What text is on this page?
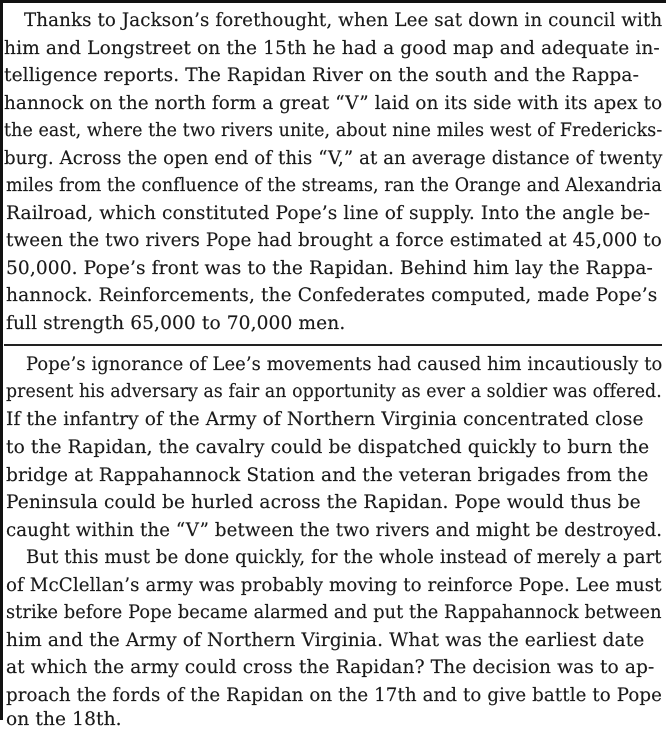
Thanks to Jackson’s forethought, when Lee sat down in council with
him and Longstreet on the 15th he had a good map and adequate in-
telligence reports. The Rapidan River on the south and the Rappa-
hannock on the north form a great “V” laid on its side with its apex to
the east, where the two rivers unite, about nine miles west of Fredericks-
burg. Across the open end of this “V,” at an average distance of twenty
miles from the confluence of the streams, ran the Orange and Alexandria
Railroad, which constituted Pope’s line of supply. Into the angle be-
tween the two rivers Pope had brought a force estimated at 45,000 to
50,000. Pope’s front was to the Rapidan. Behind him lay the Rappa-
hannock. Reinforcements, the Confederates computed, made Pope’s
full strength 65,000 to 70,000 men.
Pope’s ignorance of Lee’s movements had caused him incautiously to
present his adversary as fair an opportunity as ever a soldier was offered.
If the infantry of the Army of Northern Virginia concentrated close
to the Rapidan, the cavalry could be dispatched quickly to burn the
bridge at Rappahannock Station and the veteran brigades from the
Peninsula could be hurled across the Rapidan. Pope would thus be
caught within the “V” between the two rivers and might be destroyed.
But this must be done quickly, for the whole instead of merely a part
of McClellan’s army was probably moving to reinforce Pope. Lee must
strike before Pope became alarmed and put the Rappahannock between
him and the Army of Northern Virginia. What was the earliest date
at which the army could cross the Rapidan? The decision was to ap-
proach the fords of the Rapidan on the 17th and to give battle to Pope
on the 18th.
